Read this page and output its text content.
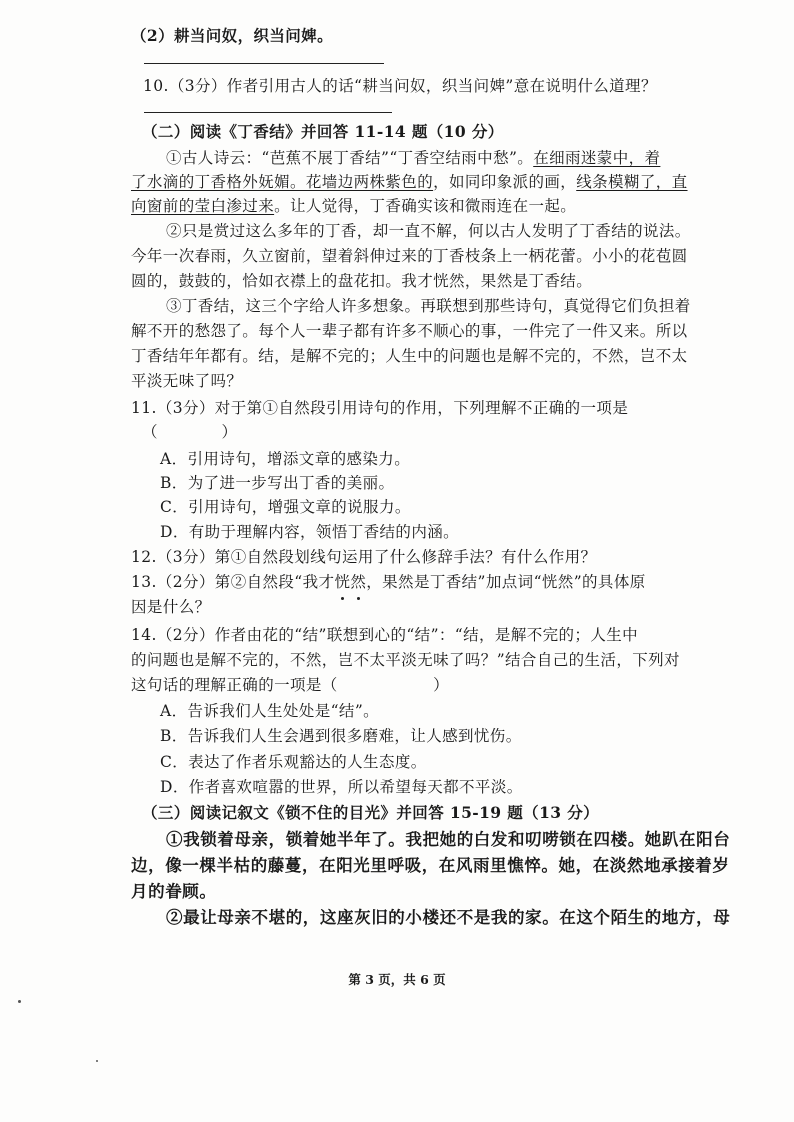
（2）耕当问奴，织当问婢。
10.（3分）作者引用古人的话“耕当问奴，织当问婢”意在说明什么道理？
（二）阅读《丁香结》并回答 11-14 题（10 分）
①古人诗云：“芭蕉不展丁香结”“丁香空结雨中愁”。在细雨迷蒙中，着
了水滴的丁香格外妩媚。花墙边两株紫色的，如同印象派的画，线条模糊了，直
向窗前的莹白渗过来。让人觉得，丁香确实该和微雨连在一起。
②只是赏过这么多年的丁香，却一直不解，何以古人发明了丁香结的说法。
今年一次春雨，久立窗前，望着斜伸过来的丁香枝条上一柄花蕾。小小的花苞圆
圆的，鼓鼓的，恰如衣襟上的盘花扣。我才恍然，果然是丁香结。
③丁香结，这三个字给人许多想象。再联想到那些诗句，真觉得它们负担着
解不开的愁怨了。每个人一辈子都有许多不顺心的事，一件完了一件又来。所以
丁香结年年都有。结，是解不完的；人生中的问题也是解不完的，不然，岂不太
平淡无味了吗？
11.（3分）对于第①自然段引用诗句的作用，下列理解不正确的一项是
（　　　　）
A．引用诗句，增添文章的感染力。
B．为了进一步写出丁香的美丽。
C．引用诗句，增强文章的说服力。
D．有助于理解内容，领悟丁香结的内涵。
12.（3分）第①自然段划线句运用了什么修辞手法？有什么作用？
13.（2分）第②自然段“我才恍然，果然是丁香结”加点词“恍然”的具体原
因是什么？
14.（2分）作者由花的“结”联想到心的“结”：“结，是解不完的；人生中
的问题也是解不完的，不然，岂不太平淡无味了吗？”结合自己的生活，下列对
这句话的理解正确的一项是（　　　　　　）
A．告诉我们人生处处是“结”。
B．告诉我们人生会遇到很多磨难，让人感到忧伤。
C．表达了作者乐观豁达的人生态度。
D．作者喜欢喧嚣的世界，所以希望每天都不平淡。
（三）阅读记叙文《锁不住的目光》并回答 15-19 题（13 分）
①我锁着母亲，锁着她半年了。我把她的白发和叨唠锁在四楼。她趴在阳台
边，像一棵半枯的藤蔓，在阳光里呼吸，在风雨里憔悴。她，在淡然地承接着岁
月的眷顾。
②最让母亲不堪的，这座灰旧的小楼还不是我的家。在这个陌生的地方，母
第 3 页，共 6 页
